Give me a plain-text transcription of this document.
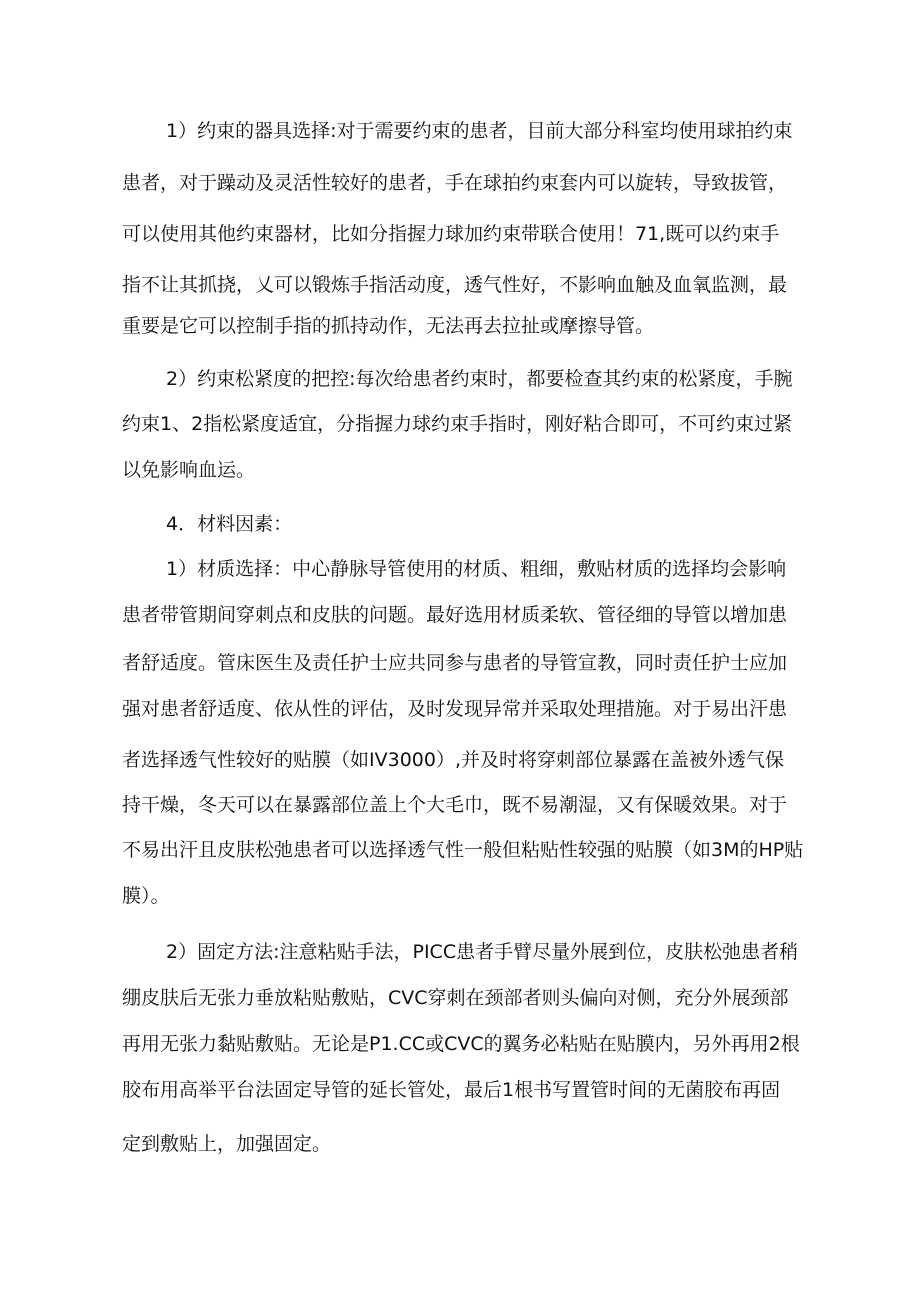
1）约束的器具选择:对于需要约束的患者，目前大部分科室均使用球拍约束

患者，对于躁动及灵活性较好的患者，手在球拍约束套内可以旋转，导致拔管，

可以使用其他约束器材，比如分指握力球加约束带联合使用！71,既可以约束手

指不让其抓挠，乂可以锻炼手指活动度，透气性好，不影响血触及血氧监测，最

重要是它可以控制手指的抓持动作，无法再去拉扯或摩擦导管。

2）约束松紧度的把控:每次给患者约束时，都要检查其约束的松紧度，手腕

约束1、2指松紧度适宜，分指握力球约束手指时，刚好粘合即可，不可约束过紧

以免影响血运。

4．材料因素：

1）材质选择：中心静脉导管使用的材质、粗细，敷贴材质的选择均会影响

患者带管期间穿刺点和皮肤的问题。最好选用材质柔软、管径细的导管以增加患

者舒适度。管床医生及责任护士应共同参与患者的导管宣教，同时责任护士应加

强对患者舒适度、依从性的评估，及时发现异常并采取处理措施。对于易出汗患

者选择透气性较好的贴膜（如IV3000）,并及时将穿刺部位暴露在盖被外透气保

持干燥，冬天可以在暴露部位盖上个大毛巾，既不易潮湿，又有保暖效果。对于

不易出汗且皮肤松弛患者可以选择透气性一般但粘贴性较强的贴膜（如3M的HP贴

膜）。

2）固定方法:注意粘贴手法，PICC患者手臂尽量外展到位，皮肤松弛患者稍

绷皮肤后无张力垂放粘贴敷贴，CVC穿刺在颈部者则头偏向对侧，充分外展颈部

再用无张力黏贴敷贴。无论是P1.CC或CVC的翼务必粘贴在贴膜内，另外再用2根

胶布用高举平台法固定导管的延长管处，最后1根书写置管时间的无菌胶布再固

定到敷贴上，加强固定。
